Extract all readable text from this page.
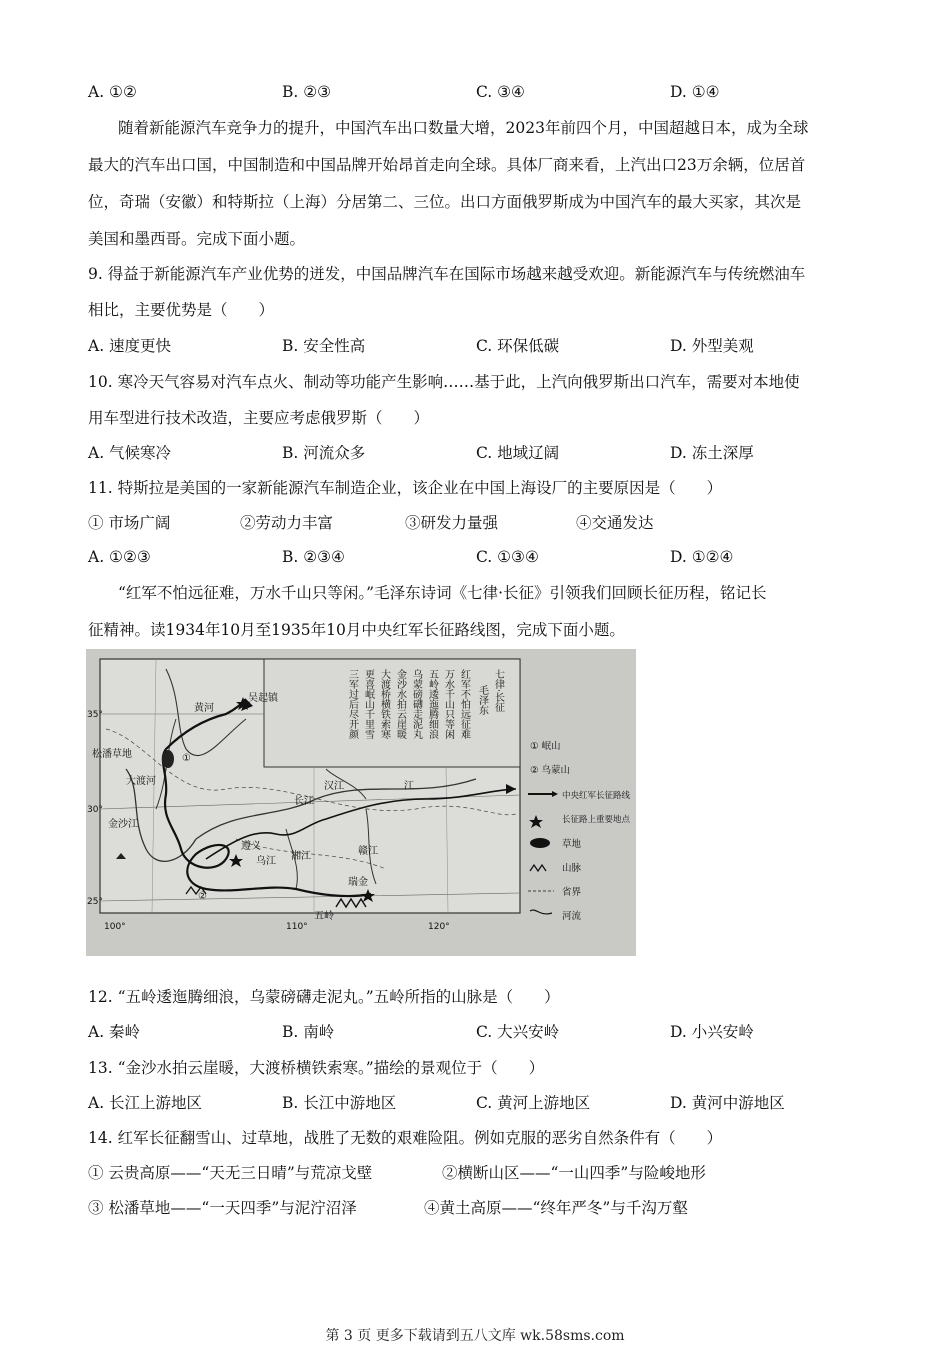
A. ①②	B. ②③	C. ③④	D. ①④
随着新能源汽车竞争力的提升，中国汽车出口数量大增，2023年前四个月，中国超越日本，成为全球
最大的汽车出口国，中国制造和中国品牌开始昂首走向全球。具体厂商来看，上汽出口23万余辆，位居首
位，奇瑞（安徽）和特斯拉（上海）分居第二、三位。出口方面俄罗斯成为中国汽车的最大买家，其次是
美国和墨西哥。完成下面小题。
9. 得益于新能源汽车产业优势的迸发，中国品牌汽车在国际市场越来越受欢迎。新能源汽车与传统燃油车
相比，主要优势是（　　）
A. 速度更快	B. 安全性高	C. 环保低碳	D. 外型美观
10. 寒冷天气容易对汽车点火、制动等功能产生影响……基于此，上汽向俄罗斯出口汽车，需要对本地使
用车型进行技术改造，主要应考虑俄罗斯（　　）
A. 气候寒冷	B. 河流众多	C. 地域辽阔	D. 冻土深厚
11. 特斯拉是美国的一家新能源汽车制造企业，该企业在中国上海设厂的主要原因是（　　）
① 市场广阔	②劳动力丰富	③研发力量强	④交通发达
A. ①②③	B. ②③④	C. ①③④	D. ①②④
“红军不怕远征难，万水千山只等闲。”毛泽东诗词《七律·长征》引领我们回顾长征历程，铭记长
征精神。读1934年10月至1935年10月中央红军长征路线图，完成下面小题。
吴起镇
松潘草地
大渡河
金沙江
遵义
瑞金
五岭
湘江	赣江
长江
汉江
黄河
乌江
江
①
②
35°
30°
25°
100°	110°	120°
七律·长征
毛泽东
红军不怕远征难
万水千山只等闲
五岭逶迤腾细浪
乌蒙磅礴走泥丸
金沙水拍云崖暖
大渡桥横铁索寒
更喜岷山千里雪
三军过后尽开颜
① 岷山
② 乌蒙山
中央红军长征路线
长征路上重要地点
草地
山脉
省界
河流
12. “五岭逶迤腾细浪，乌蒙磅礴走泥丸。”五岭所指的山脉是（　　）
A. 秦岭	B. 南岭	C. 大兴安岭	D. 小兴安岭
13. “金沙水拍云崖暖，大渡桥横铁索寒。”描绘的景观位于（　　）
A. 长江上游地区	B. 长江中游地区	C. 黄河上游地区	D. 黄河中游地区
14. 红军长征翻雪山、过草地，战胜了无数的艰难险阻。例如克服的恶劣自然条件有（　　）
① 云贵高原——“天无三日晴”与荒凉戈壁	②横断山区——“一山四季”与险峻地形
③ 松潘草地——“一天四季”与泥泞沼泽	④黄土高原——“终年严冬”与千沟万壑
第 3 页 更多下载请到五八文库 wk.58sms.com
